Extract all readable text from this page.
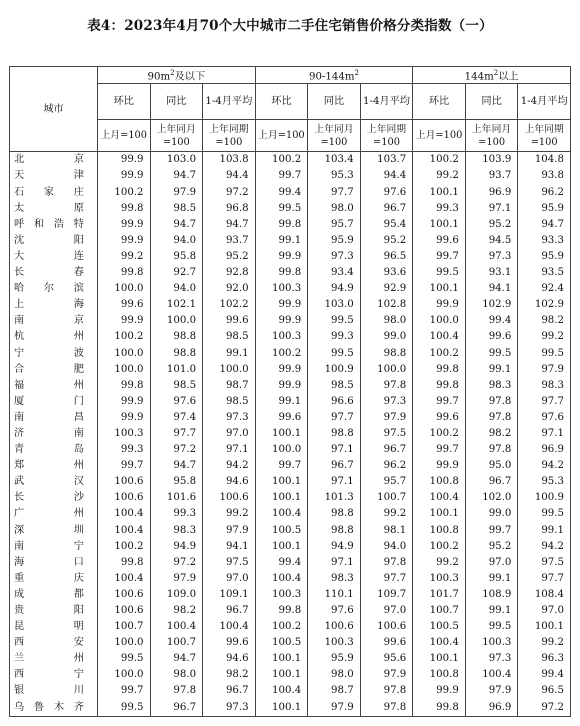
表4：2023年4月70个大中城市二手住宅销售价格分类指数（一）
城市	$90m^2$及以下			$90-144m^2$			$144m^2$以上		
	环比	同比	1-4月平均	环比	同比	1-4月平均	环比	同比	1-4月平均
	上月=100	上年同月=100	上年同期=100	上月=100	上年同月=100	上年同期=100	上月=100	上年同月=100	上年同期=100
北　京	99.9	103.0	103.8	100.2	103.4	103.7	100.2	103.9	104.8
天　津	99.9	94.7	94.4	99.7	95.3	94.4	99.2	93.7	93.8
石家庄	100.2	97.9	97.2	99.4	97.7	97.6	100.1	96.9	96.2
太　原	99.8	98.5	96.8	99.5	98.0	96.7	99.3	97.1	95.9
呼和浩特	99.9	94.7	94.7	99.8	95.7	95.4	100.1	95.2	94.7
沈　阳	99.9	94.0	93.7	99.1	95.9	95.2	99.6	94.5	93.3
大　连	99.2	95.8	95.2	99.9	97.3	96.5	99.7	97.3	95.9
长　春	99.8	92.7	92.8	99.8	93.4	93.6	99.5	93.1	93.5
哈尔滨	100.0	94.0	92.0	100.3	94.9	92.9	100.1	94.1	92.4
上　海	99.6	102.1	102.2	99.9	103.0	102.8	99.9	102.9	102.9
南　京	99.9	100.0	99.6	99.9	99.5	98.0	100.0	99.4	98.2
杭　州	100.2	98.8	98.5	100.3	99.3	99.0	100.4	99.6	99.2
宁　波	100.0	98.8	99.1	100.2	99.5	98.8	100.2	99.5	99.5
合　肥	100.0	101.0	100.0	99.9	100.9	100.0	99.8	99.1	97.9
福　州	99.8	98.5	98.7	99.9	98.5	97.8	99.8	98.3	98.3
厦　门	99.9	97.6	98.5	99.1	96.6	97.3	99.7	97.8	97.7
南　昌	99.9	97.4	97.3	99.6	97.7	97.9	99.6	97.8	97.6
济　南	100.3	97.7	97.0	100.1	98.8	97.5	100.2	98.2	97.1
青　岛	99.3	97.2	97.1	100.0	97.1	96.7	99.7	97.8	96.9
郑　州	99.7	94.7	94.2	99.7	96.7	96.2	99.9	95.0	94.2
武　汉	100.6	95.8	94.6	100.1	97.1	95.7	100.8	96.7	95.3
长　沙	100.6	101.6	100.6	100.1	101.3	100.7	100.4	102.0	100.9
广　州	100.4	99.3	99.2	100.4	98.8	99.2	100.1	99.0	99.5
深　圳	100.4	98.3	97.9	100.5	98.8	98.1	100.8	99.7	99.1
南　宁	100.2	94.9	94.1	100.1	94.9	94.0	100.2	95.2	94.2
海　口	99.8	97.2	97.5	99.4	97.1	97.8	99.2	97.0	97.5
重　庆	100.4	97.9	97.0	100.4	98.3	97.7	100.3	99.1	97.7
成　都	100.6	109.0	109.1	100.3	110.1	109.7	101.7	108.9	108.4
贵　阳	100.6	98.2	96.7	99.8	97.6	97.0	100.7	99.1	97.0
昆　明	100.7	100.4	100.4	100.2	100.6	100.6	100.5	99.5	100.1
西　安	100.0	100.7	99.6	100.5	100.3	99.6	100.4	100.3	99.2
兰　州	99.5	94.7	94.6	100.1	95.9	95.6	100.1	97.3	96.3
西　宁	100.0	98.0	98.2	100.1	98.0	97.9	100.8	100.4	99.4
银　川	99.7	97.8	96.7	100.4	98.7	97.8	99.9	97.9	96.5
乌鲁木齐	99.5	96.7	97.3	100.1	97.9	97.8	99.8	96.9	97.2
